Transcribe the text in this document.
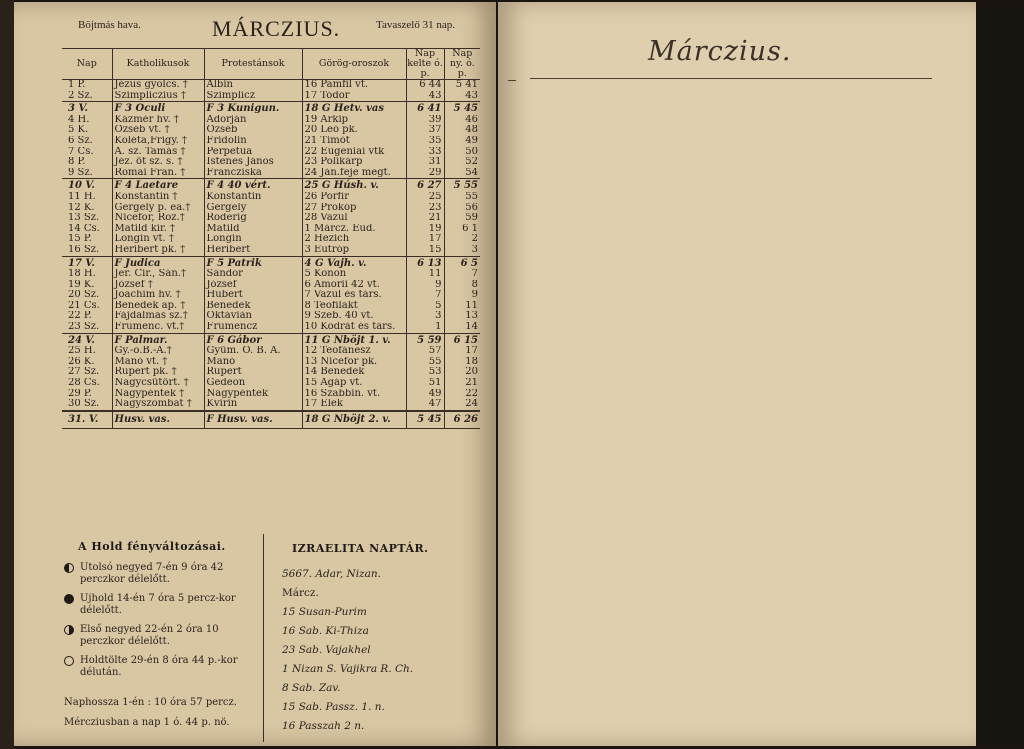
Böjtmás hava.	MÁRCZIUS.	Tavaszelő 31 nap.
Nap	Katholikusok	Protestánsok	Görög-oroszok	Nap kelte ó. p.	Nap ny. ó. p.
1 P.	Jézus gyolcs. †	Albin	16 Pamfil vt.	6 44	5 41
2 Sz.	Szimpliczius †	Szimplicz	17 Tódor	43	43
3 V.	F 3 Oculi	F 3 Kunigun.	18 G Hetv. vas	6 41	5 45
4 H.	Kázmér hv. †	Adorján	19 Arkip	39	46
5 K.	Özséb vt. †	Özséb	20 Leó pk.	37	48
6 Sz.	Koléta,Frigy. †	Fridolin	21 Timót	35	49
7 Cs.	A. sz. Tamás †	Perpetua	22 Eugeniai vtk	33	50
8 P.	Jéz. öt sz. s. †	Istenes János	23 Polikárp	31	52
9 Sz.	Romai Fran. †	Francziska	24 Ján.feje megt.	29	54
10 V.	F 4 Laetare	F 4 40 vért.	25 G Húsh. v.	6 27	5 55
11 H.	Konstantin †	Konstantin	26 Porfir	25	55
12 K.	Gergely p. ea.†	Gergely	27 Prokóp	23	56
13 Sz.	Nicefor, Roz.†	Roderig	28 Vazul	21	59
14 Cs.	Matild kir. †	Matild	1 Márcz. Eud.	19	6 1
15 P.	Longin vt. †	Longin	2 Hezich	17	2
16 Sz.	Heribert pk. †	Heribert	3 Eutróp	15	3
17 V.	F Judica	F 5 Patrik	4 G Vajh. v.	6 13	6 5
18 H.	Jer. Cir., Sán.†	Sándor	5 Konon	11	7
19 K.	József †	József	6 Amorii 42 vt.	9	8
20 Sz.	Joachim hv. †	Hubert	7 Vazul és társ.	7	9
21 Cs.	Benedek ap. †	Benedek	8 Teofilakt	5	11
22 P.	Fájdalmas sz.†	Oktávián	9 Szeb. 40 vt.	3	13
23 Sz.	Frumenc. vt.†	Frumencz	10 Kodrát és társ.	1	14
24 V.	F Palmar.	F 6 Gábor	11 G Nböjt 1. v.	5 59	6 15
25 H.	Gy.-o.B.-A.†	Gyüm. O. B. A.	12 Teofánesz	57	17
26 K.	Manó vt. †	Manó	13 Nicefor pk.	55	18
27 Sz.	Rupert pk. †	Rupert	14 Benedek	53	20
28 Cs.	Nagycsütört. †	Gedeon	15 Agáp vt.	51	21
29 P.	Nagypéntek †	Nagypéntek	16 Szabbin. vt.	49	22
30 Sz.	Nagyszombat †	Kvirin	17 Elek	47	24
31. V.	Husv. vas.	F Husv. vas.	18 G Nböjt 2. v.	5 45	6 26
A Hold fényváltozásai.
Utolsó negyed 7-én 9 óra 42 perczkor délelőtt.
Ujhold 14-én 7 óra 5 percz-kor délelőtt.
Első negyed 22-én 2 óra 10 perczkor délelőtt.
Holdtölte 29-én 8 óra 44 p.-kor délután.
Naphossza 1-én : 10 óra 57 percz.
Mércziusban a nap 1 ó. 44 p. nö.
IZRAELITA NAPTÁR.
5667. Adar, Nizan.
Márcz.
15 Susan-Purim
16 Sab. Ki-Thiza
23 Sab. Vajakhel
1 Nizan S. Vajikra R. Ch.
8 Sab. Zav.
15 Sab. Passz. 1. n.
16 Passzah 2 n.
Márczius.
